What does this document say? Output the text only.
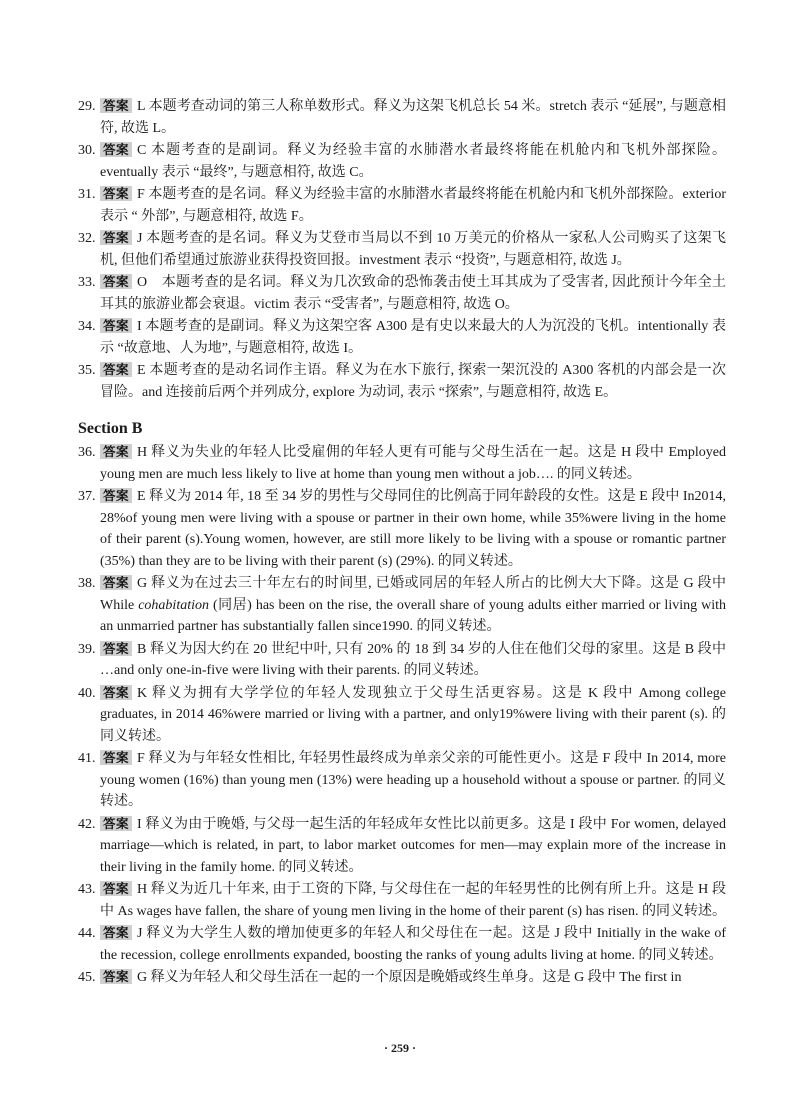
29. 答案 L 本题考查动词的第三人称单数形式。释义为这架飞机总长 54 米。stretch 表示 “延展”, 与题意相符, 故选 L。
30. 答案 C 本题考查的是副词。释义为经验丰富的水肺潜水者最终将能在机舱内和飞机外部探险。eventually 表示 “最终”, 与题意相符, 故选 C。
31. 答案 F 本题考查的是名词。释义为经验丰富的水肺潜水者最终将能在机舱内和飞机外部探险。exterior 表示 “ 外部”, 与题意相符, 故选 F。
32. 答案 J 本题考查的是名词。释义为艾登市当局以不到 10 万美元的价格从一家私人公司购买了这架飞机, 但他们希望通过旅游业获得投资回报。investment 表示 “投资”, 与题意相符, 故选 J。
33. 答案 O　本题考查的是名词。释义为几次致命的恐怖袭击使土耳其成为了受害者, 因此预计今年全土耳其的旅游业都会衰退。victim 表示 “受害者”, 与题意相符, 故选 O。
34. 答案 I 本题考查的是副词。释义为这架空客 A300 是有史以来最大的人为沉没的飞机。intentionally 表示 “故意地、人为地”, 与题意相符, 故选 I。
35. 答案 E 本题考查的是动名词作主语。释义为在水下旅行, 探索一架沉没的 A300 客机的内部会是一次冒险。and 连接前后两个并列成分, explore 为动词, 表示 “探索”, 与题意相符, 故选 E。
Section B
36. 答案 H 释义为失业的年轻人比受雇佣的年轻人更有可能与父母生活在一起。这是 H 段中 Employed young men are much less likely to live at home than young men without a job…. 的同义转述。
37. 答案 E 释义为 2014 年, 18 至 34 岁的男性与父母同住的比例高于同年龄段的女性。这是 E 段中 In2014, 28%of young men were living with a spouse or partner in their own home, while 35%were living in the home of their parent (s).Young women, however, are still more likely to be living with a spouse or romantic partner (35%) than they are to be living with their parent (s) (29%). 的同义转述。
38. 答案 G 释义为在过去三十年左右的时间里, 已婚或同居的年轻人所占的比例大大下降。这是 G 段中 While cohabitation (同居) has been on the rise, the overall share of young adults either married or living with an unmarried partner has substantially fallen since1990. 的同义转述。
39. 答案 B 释义为因大约在 20 世纪中叶, 只有 20% 的 18 到 34 岁的人住在他们父母的家里。这是 B 段中 …and only one-in-five were living with their parents. 的同义转述。
40. 答案 K 释义为拥有大学学位的年轻人发现独立于父母生活更容易。这是 K 段中 Among college graduates, in 2014 46%were married or living with a partner, and only19%were living with their parent (s). 的同义转述。
41. 答案 F 释义为与年轻女性相比, 年轻男性最终成为单亲父亲的可能性更小。这是 F 段中 In 2014, more young women (16%) than young men (13%) were heading up a household without a spouse or partner. 的同义转述。
42. 答案 I 释义为由于晚婚, 与父母一起生活的年轻成年女性比以前更多。这是 I 段中 For women, delayed marriage—which is related, in part, to labor market outcomes for men—may explain more of the increase in their living in the family home. 的同义转述。
43. 答案 H 释义为近几十年来, 由于工资的下降, 与父母住在一起的年轻男性的比例有所上升。这是 H 段中 As wages have fallen, the share of young men living in the home of their parent (s) has risen. 的同义转述。
44. 答案 J 释义为大学生人数的增加使更多的年轻人和父母住在一起。这是 J 段中 Initially in the wake of the recession, college enrollments expanded, boosting the ranks of young adults living at home. 的同义转述。
45. 答案 G 释义为年轻人和父母生活在一起的一个原因是晚婚或终生单身。这是 G 段中 The first in
· 259 ·
